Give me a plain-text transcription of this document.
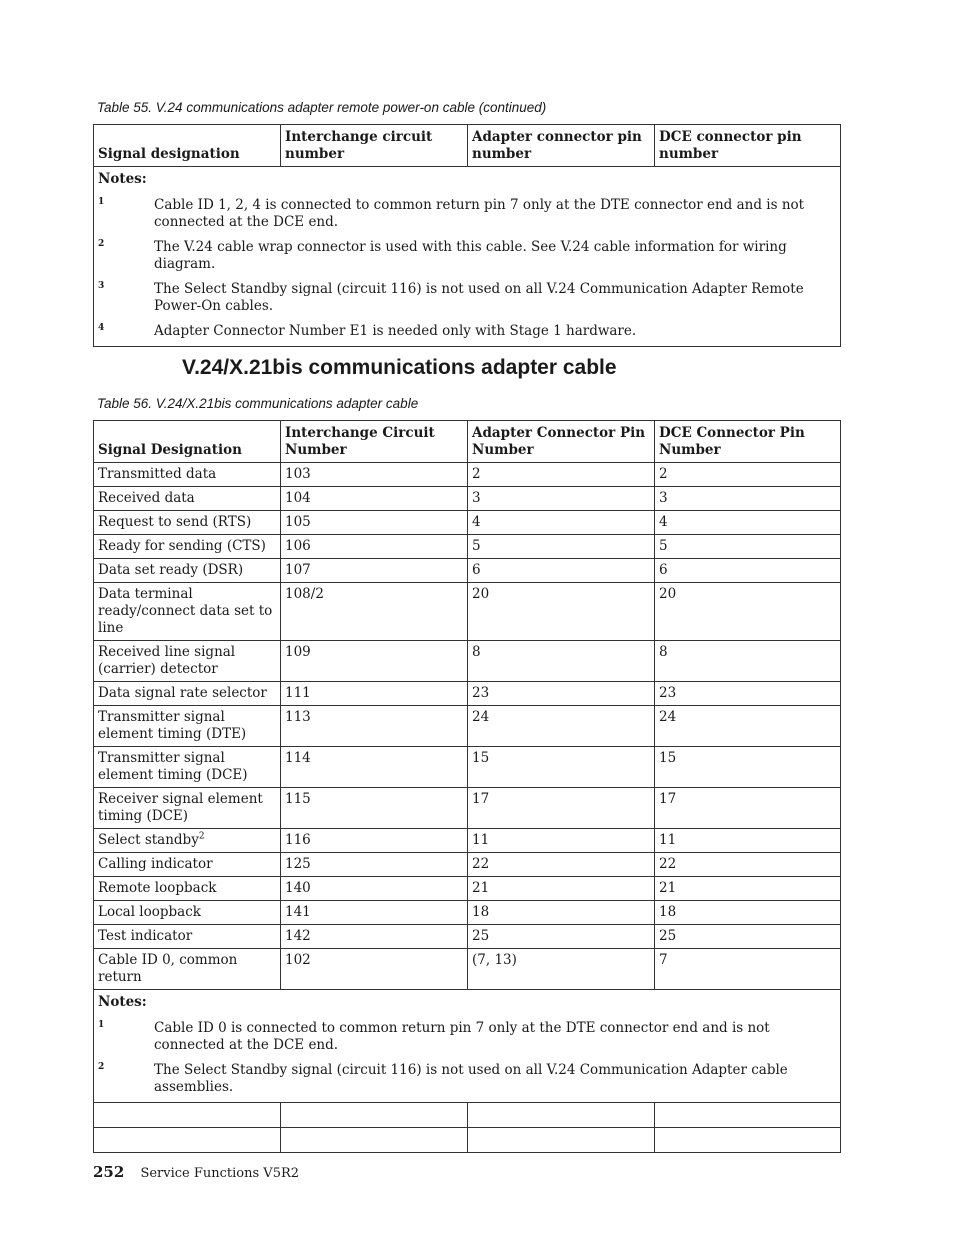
Table 55. V.24 communications adapter remote power-on cable (continued)
Signal designation	Interchange circuit number	Adapter connector pin number	DCE connector pin number

Notes:
1	Cable ID 1, 2, 4 is connected to common return pin 7 only at the DTE connector end and is not connected at the DCE end.
2	The V.24 cable wrap connector is used with this cable. See V.24 cable information for wiring diagram.
3	The Select Standby signal (circuit 116) is not used on all V.24 Communication Adapter Remote Power-On cables.
4	Adapter Connector Number E1 is needed only with Stage 1 hardware.
V.24/X.21bis communications adapter cable
Table 56. V.24/X.21bis communications adapter cable
Signal Designation	Interchange Circuit Number	Adapter Connector Pin Number	DCE Connector Pin Number
Transmitted data	103	2	2
Received data	104	3	3
Request to send (RTS)	105	4	4
Ready for sending (CTS)	106	5	5
Data set ready (DSR)	107	6	6
Data terminal ready/connect data set to line	108/2	20	20
Received line signal (carrier) detector	109	8	8
Data signal rate selector	111	23	23
Transmitter signal element timing (DTE)	113	24	24
Transmitter signal element timing (DCE)	114	15	15
Receiver signal element timing (DCE)	115	17	17
Select standby$^2$	116	11	11
Calling indicator	125	22	22
Remote loopback	140	21	21
Local loopback	141	18	18
Test indicator	142	25	25
Cable ID 0, common return	102	(7, 13)	7

Notes:
1 Cable ID 0 is connected to common return pin 7 only at the DTE connector end and is not connected at the DCE end.
2 The Select Standby signal (circuit 116) is not used on all V.24 Communication Adapter cable assemblies.			

252 Service Functions V5R2
